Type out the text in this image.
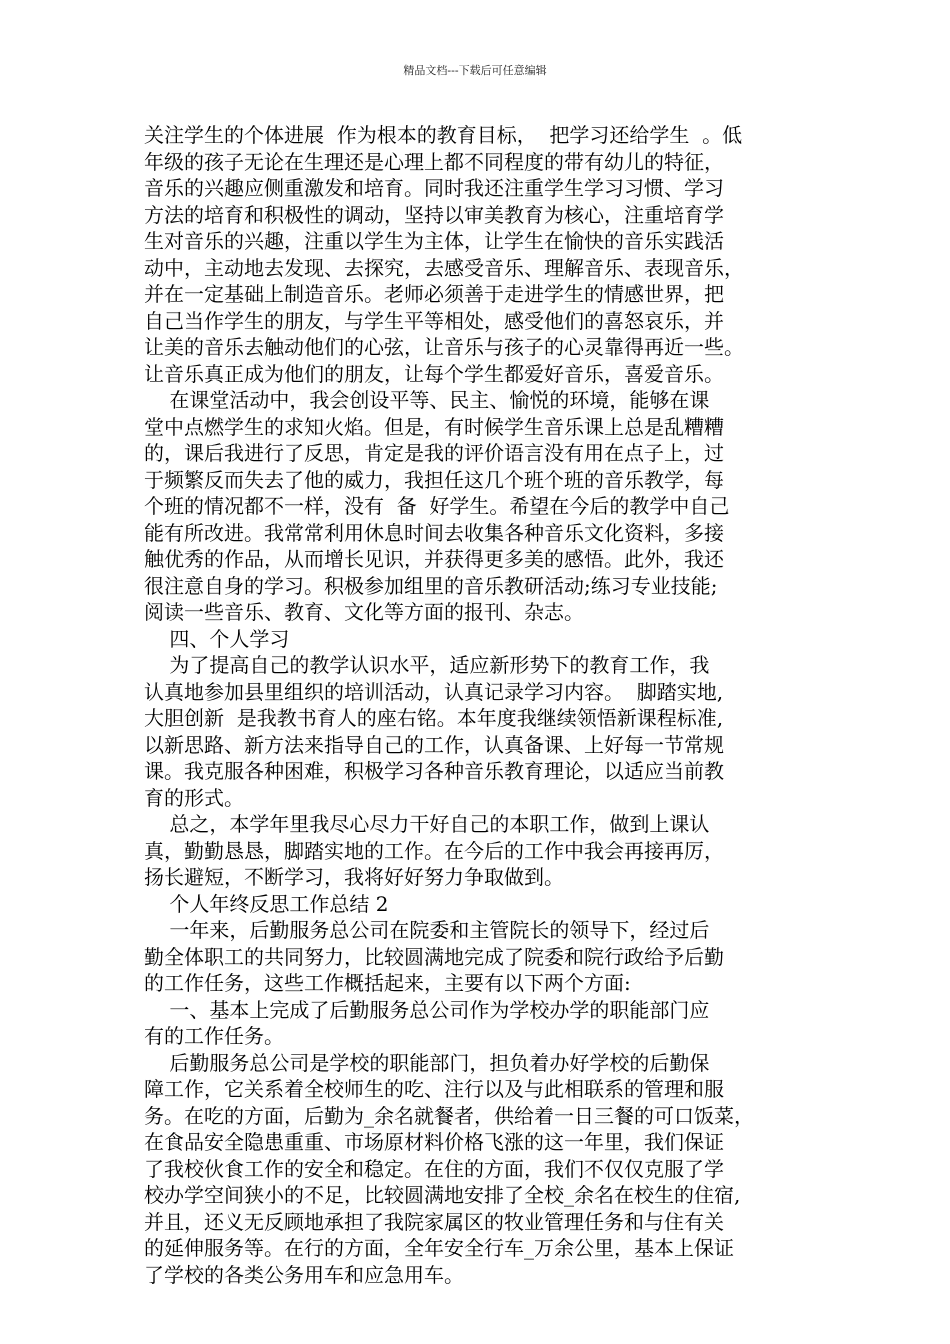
精品文档---下载后可任意编辑
关注学生的个体进展  作为根本的教育目标，  把学习还给学生  。低
年级的孩子无论在生理还是心理上都不同程度的带有幼儿的特征，
音乐的兴趣应侧重激发和培育。同时我还注重学生学习习惯、学习
方法的培育和积极性的调动，坚持以审美教育为核心，注重培育学
生对音乐的兴趣，注重以学生为主体，让学生在愉快的音乐实践活
动中，主动地去发现、去探究，去感受音乐、理解音乐、表现音乐，
并在一定基础上制造音乐。老师必须善于走进学生的情感世界，把
自己当作学生的朋友，与学生平等相处，感受他们的喜怒哀乐，并
让美的音乐去触动他们的心弦，让音乐与孩子的心灵靠得再近一些。
让音乐真正成为他们的朋友，让每个学生都爱好音乐，喜爱音乐。
在课堂活动中，我会创设平等、民主、愉悦的环境，能够在课
堂中点燃学生的求知火焰。但是，有时候学生音乐课上总是乱糟糟
的，课后我进行了反思，肯定是我的评价语言没有用在点子上，过
于频繁反而失去了他的威力，我担任这几个班个班的音乐教学，每
个班的情况都不一样，没有  备  好学生。希望在今后的教学中自己
能有所改进。我常常利用休息时间去收集各种音乐文化资料，多接
触优秀的作品，从而增长见识，并获得更多美的感悟。此外，我还
很注意自身的学习。积极参加组里的音乐教研活动;练习专业技能;
阅读一些音乐、教育、文化等方面的报刊、杂志。
四、个人学习
为了提高自己的教学认识水平，适应新形势下的教育工作，我
认真地参加县里组织的培训活动，认真记录学习内容。  脚踏实地,
大胆创新  是我教书育人的座右铭。本年度我继续领悟新课程标准,
以新思路、新方法来指导自己的工作，认真备课、上好每一节常规
课。我克服各种困难，积极学习各种音乐教育理论，以适应当前教
育的形式。
总之，本学年里我尽心尽力干好自己的本职工作，做到上课认
真，勤勤恳恳，脚踏实地的工作。在今后的工作中我会再接再厉，
扬长避短，不断学习，我将好好努力争取做到。
个人年终反思工作总结 2
一年来，后勤服务总公司在院委和主管院长的领导下，经过后
勤全体职工的共同努力，比较圆满地完成了院委和院行政给予后勤
的工作任务，这些工作概括起来，主要有以下两个方面:
一、基本上完成了后勤服务总公司作为学校办学的职能部门应
有的工作任务。
后勤服务总公司是学校的职能部门，担负着办好学校的后勤保
障工作，它关系着全校师生的吃、注行以及与此相联系的管理和服
务。在吃的方面，后勤为_余名就餐者，供给着一日三餐的可口饭菜，
在食品安全隐患重重、市场原材料价格飞涨的这一年里，我们保证
了我校伙食工作的安全和稳定。在住的方面，我们不仅仅克服了学
校办学空间狭小的不足，比较圆满地安排了全校_余名在校生的住宿,
并且，还义无反顾地承担了我院家属区的牧业管理任务和与住有关
的延伸服务等。在行的方面，全年安全行车_万余公里，基本上保证
了学校的各类公务用车和应急用车。
